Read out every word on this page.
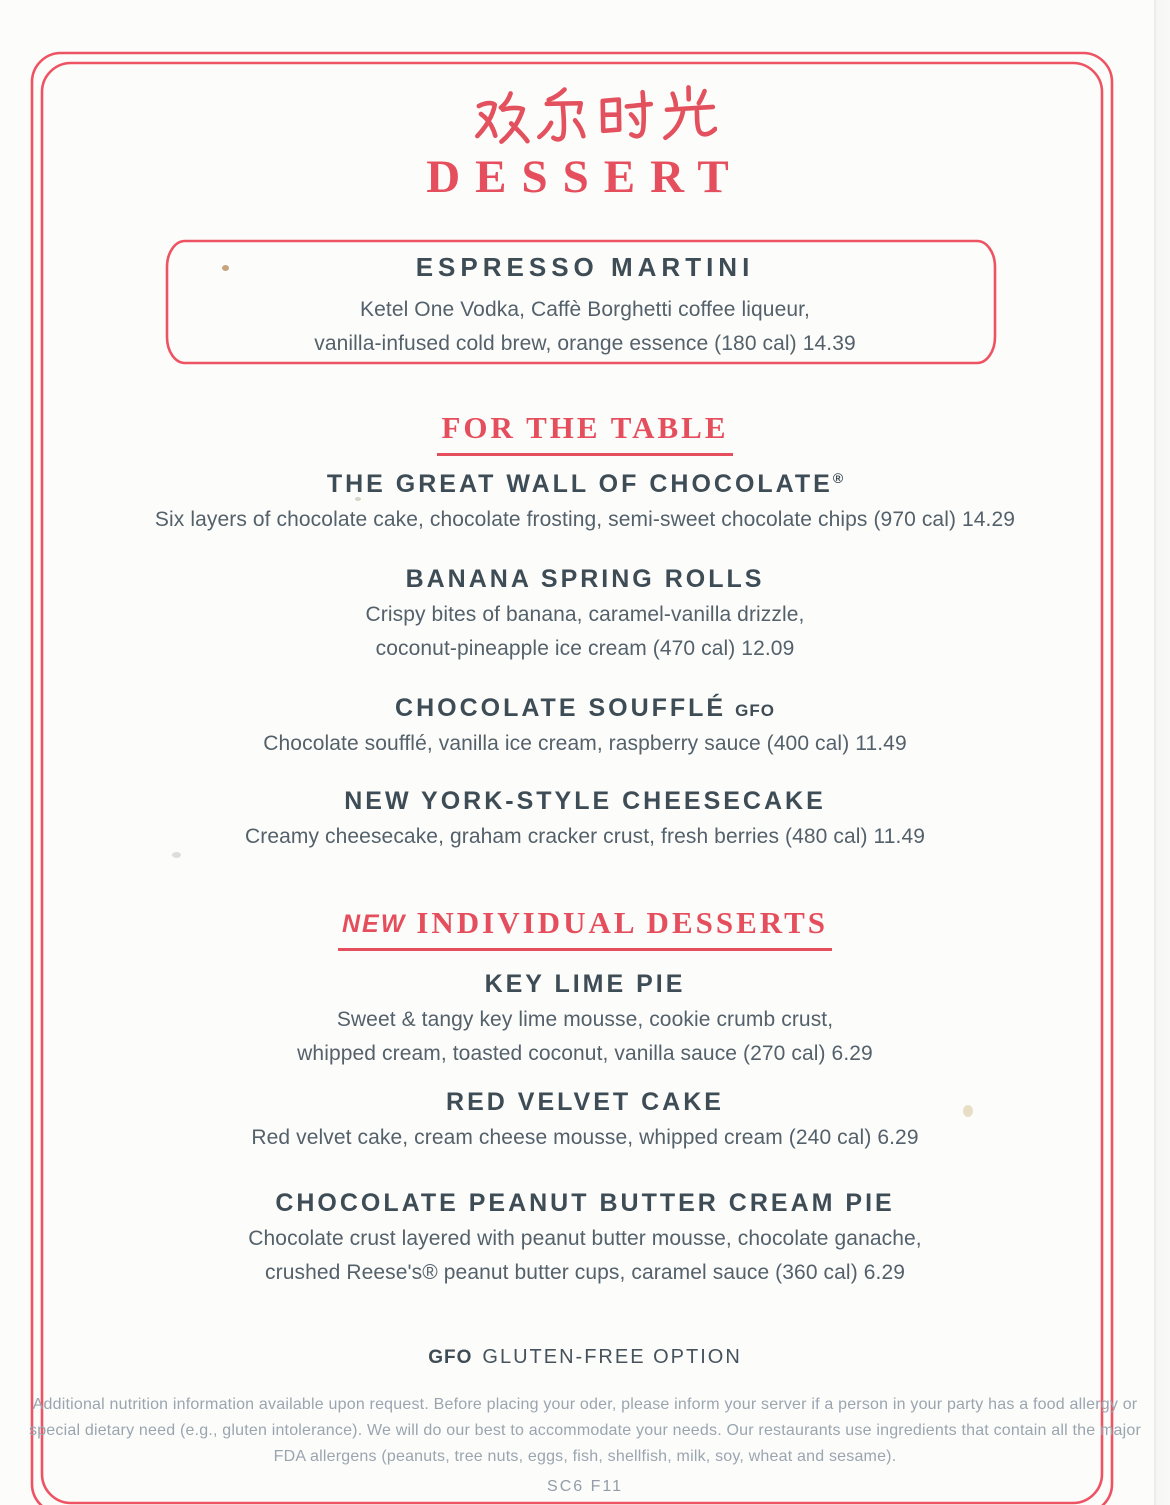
DESSERT
ESPRESSO MARTINI
Ketel One Vodka, Caffè Borghetti coffee liqueur,
vanilla-infused cold brew, orange essence (180 cal) 14.39
FOR THE TABLE
THE GREAT WALL OF CHOCOLATE®
Six layers of chocolate cake, chocolate frosting, semi-sweet chocolate chips (970 cal) 14.29
BANANA SPRING ROLLS
Crispy bites of banana, caramel-vanilla drizzle,
coconut-pineapple ice cream (470 cal) 12.09
CHOCOLATE SOUFFLÉ GFO
Chocolate soufflé, vanilla ice cream, raspberry sauce (400 cal) 11.49
NEW YORK-STYLE CHEESECAKE
Creamy cheesecake, graham cracker crust, fresh berries (480 cal) 11.49
NEW INDIVIDUAL DESSERTS
KEY LIME PIE
Sweet & tangy key lime mousse, cookie crumb crust,
whipped cream, toasted coconut, vanilla sauce (270 cal) 6.29
RED VELVET CAKE
Red velvet cake, cream cheese mousse, whipped cream (240 cal) 6.29
CHOCOLATE PEANUT BUTTER CREAM PIE
Chocolate crust layered with peanut butter mousse, chocolate ganache,
crushed Reese's® peanut butter cups, caramel sauce (360 cal) 6.29
GFO GLUTEN-FREE OPTION
Additional nutrition information available upon request. Before placing your oder, please inform your server if a person in your party has a food allergy or
special dietary need (e.g., gluten intolerance). We will do our best to accommodate your needs. Our restaurants use ingredients that contain all the major
FDA allergens (peanuts, tree nuts, eggs, fish, shellfish, milk, soy, wheat and sesame).
SC6 F11
